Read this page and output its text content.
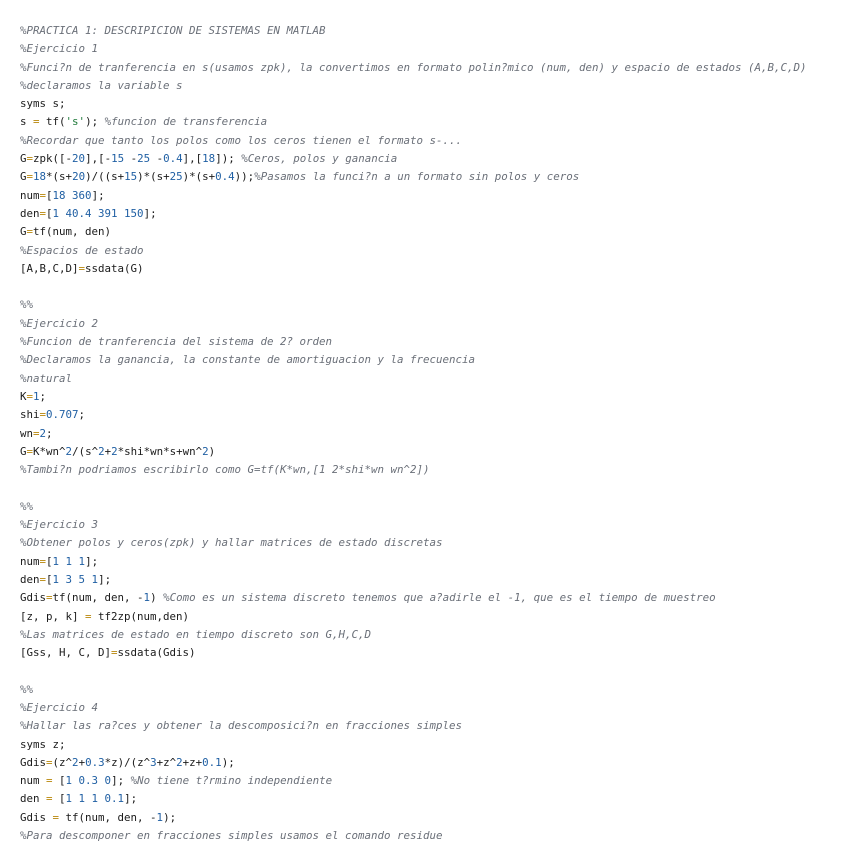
%PRACTICA 1: DESCRIPICION DE SISTEMAS EN MATLAB
%Ejercicio 1
%Funci?n de tranferencia en s(usamos zpk), la convertimos en formato polin?mico (num, den) y espacio de estados (A,B,C,D)
%declaramos la variable s
syms s;
s = tf('s'); %funcion de transferencia
%Recordar que tanto los polos como los ceros tienen el formato s-...
G=zpk([-20],[-15 -25 -0.4],[18]); %Ceros, polos y ganancia
G=18*(s+20)/((s+15)*(s+25)*(s+0.4));%Pasamos la funci?n a un formato sin polos y ceros
num=[18 360];
den=[1 40.4 391 150];
G=tf(num, den)
%Espacios de estado
[A,B,C,D]=ssdata(G)
%%
%Ejercicio 2
%Funcion de tranferencia del sistema de 2? orden
%Declaramos la ganancia, la constante de amortiguacion y la frecuencia
%natural
K=1;
shi=0.707;
wn=2;
G=K*wn^2/(s^2+2*shi*wn*s+wn^2)
%Tambi?n podriamos escribirlo como G=tf(K*wn,[1 2*shi*wn wn^2])
%%
%Ejercicio 3
%Obtener polos y ceros(zpk) y hallar matrices de estado discretas
num=[1 1 1];
den=[1 3 5 1];
Gdis=tf(num, den, -1) %Como es un sistema discreto tenemos que a?adirle el -1, que es el tiempo de muestreo
[z, p, k] = tf2zp(num,den)
%Las matrices de estado en tiempo discreto son G,H,C,D
[Gss, H, C, D]=ssdata(Gdis)
%%
%Ejercicio 4
%Hallar las ra?ces y obtener la descomposici?n en fracciones simples
syms z;
Gdis=(z^2+0.3*z)/(z^3+z^2+z+0.1);
num = [1 0.3 0]; %No tiene t?rmino independiente
den = [1 1 1 0.1];
Gdis = tf(num, den, -1);
%Para descomponer en fracciones simples usamos el comando residue
